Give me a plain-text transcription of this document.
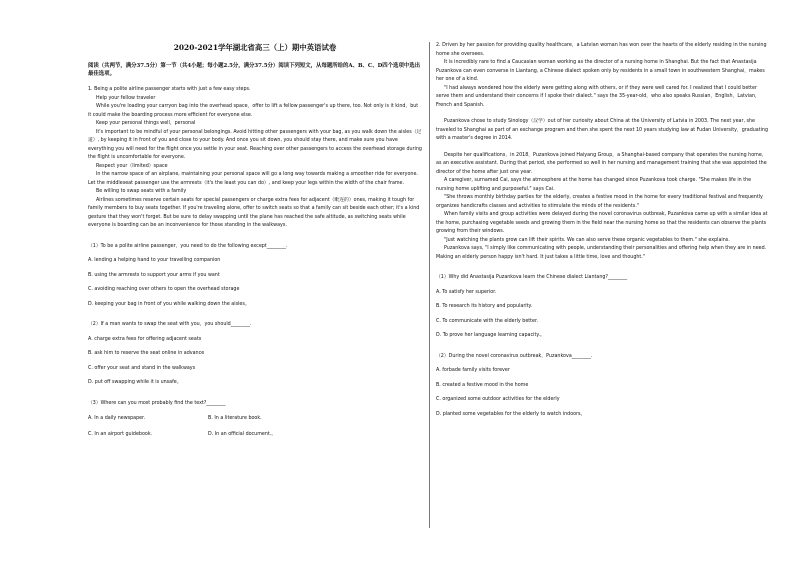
2020-2021学年湖北省高三（上）期中英语试卷
阅读（共两节，满分37.5分）第一节（共4小题；每小题2.5分，满分37.5分）阅读下列短文，从每题所给的A、B、C、D四个选项中选出最佳选项。

1. Being a polite airline passenger starts with just a few easy steps.

Help your fellow traveler

While you're loading your carryon bag into the overhead space，offer to lift a fellow passenger's up there, too. Not only is it kind，but it could make the boarding process more efficient for everyone else.

Keep your personal things well，personal

It's important to be mindful of your personal belongings. Avoid hitting other passengers with your bag, as you walk down the aisles（过道）, by keeping it in front of you and close to your body. And once you sit down, you should stay there, and make sure you have everything you will need for the flight once you settle in your seat. Reaching over other passengers to access the overhead storage during the flight is uncomfortable for everyone.

Respect your（limited）space

In the narrow space of an airplane, maintaining your personal space will go a long way towards making a smoother ride for everyone. Let the middleseat passenger use the armrests（it's the least you can do）, and keep your legs within the width of the chair frame.

Be willing to swap seats with a family

Airlines sometimes reserve certain seats for special passengers or charge extra fees for adjacent（毗连的）ones, making it tough for family members to buy seats together. If you're traveling alone, offer to switch seats so that a family can sit beside each other; it's a kind gesture that they won't forget. But be sure to delay swapping until the plane has reached the safe altitude, as switching seats while everyone is boarding can be an inconvenience for those standing in the walkways.

（1）To be a polite airline passenger，you need to do the following except________.

A. lending a helping hand to your travelling companion

B. using the armrests to support your arms if you want

C. avoiding reaching over others to open the overhead storage

D. keeping your bag in front of you while walking down the aisles。

（2）If a man wants to swap the seat with you，you should________.

A. charge extra fees for offering adjacent seats

B. ask him to reserve the seat online in advance

C. offer your seat and stand in the walkways

D. put off swapping while it is unsafe。

（3）Where can you most probably find the text?________

A. In a daily newspaper.	B. In a literature book.

C. In an airport guidebook.	D. In an official document.。

2. Driven by her passion for providing quality healthcare，a Latvian woman has won over the hearts of the elderly residing in the nursing home she oversees.

It is incredibly rare to find a Caucasian woman working as the director of a nursing home in Shanghai. But the fact that Anastasija Puzankova can even converse in Liantang, a Chinese dialect spoken only by residents in a small town in southwestern Shanghai，makes her one of a kind.

"I had always wondered how the elderly were getting along with others, or if they were well cared for. I realized that I could better serve them and understand their concerns if I spoke their dialect." says the 35-year-old，who also speaks Russian，English，Latvian，French and Spanish.

Puzankova chose to study Sinology（汉学）out of her curiosity about China at the University of Latvia in 2003. The next year, she traveled to Shanghai as part of an exchange program and then she spent the next 10 years studying law at Fudan University，graduating with a master's degree in 2014.

Despite her qualifications，in 2018，Puzankova joined Haiyang Group，a Shanghai-based company that operates the nursing home，as an executive assistant. During that period, she performed so well in her nursing and management training that she was appointed the director of the home after just one year.

A caregiver, surnamed Cai, says the atmosphere at the home has changed since Puzankova took charge. "She makes life in the nursing home uplifting and purposeful." says Cai.

"She throws monthly birthday parties for the elderly, creates a festive mood in the home for every traditional festival and frequently organizes handicrafts classes and activities to stimulate the minds of the residents."

When family visits and group activities were delayed during the novel coronavirus outbreak, Puzankova came up with a similar idea at the home, purchasing vegetable seeds and growing them in the field near the nursing home so that the residents can observe the plants growing from their windows.

"Just watching the plants grow can lift their spirits. We can also serve these organic vegetables to them." she explains.

Puzankova says, "I simply like communicating with people, understanding their personalities and offering help when they are in need. Making an elderly person happy isn't hard. It just takes a little time, love and thought."

（1）Why did Anastasija Puzankova learn the Chinese dialect Liantang?________

A. To satisfy her superior.

B. To research its history and popularity.

C. To communicate with the elderly better.

D. To prove her language learning capacity.。

（2）During the novel coronavirus outbreak，Puzankova________.

A. forbade family visits forever

B. created a festive mood in the home

C. organized some outdoor activities for the elderly

D. planted some vegetables for the elderly to watch indoors。
